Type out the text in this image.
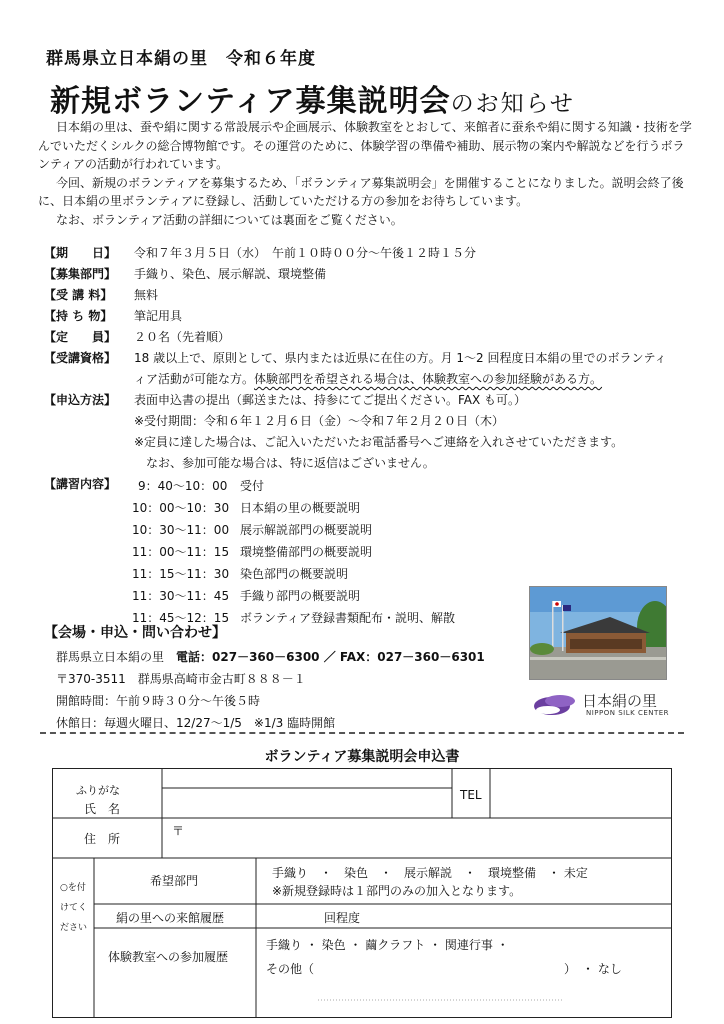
群馬県立日本絹の里　令和６年度
新規ボランティア募集説明会のお知らせ

日本絹の里は、蚕や絹に関する常設展示や企画展示、体験教室をとおして、来館者に蚕糸や絹に関する知識・技術を学んでいただくシルクの総合博物館です。その運営のために、体験学習の準備や補助、展示物の案内や解説などを行うボランティアの活動が行われています。

今回、新規のボランティアを募集するため、「ボランティア募集説明会」を開催することになりました。説明会終了後に、日本絹の里ボランティアに登録し、活動していただける方の参加をお待ちしています。

なお、ボランティア活動の詳細については裏面をご覧ください。

【期　　日】 令和７年３月５日（水）　午前１０時００分～午後１２時１５分
【募集部門】 手織り、染色、展示解説、環境整備
【受 講 料】 無料
【持 ち 物】 筆記用具
【定　　員】 ２０名（先着順）
【受講資格】 18 歳以上で、原則として、県内または近県に在住の方。月 1～2 回程度日本絹の里でのボランティ
ィア活動が可能な方。体験部門を希望される場合は、体験教室への参加経験がある方。
【申込方法】 表面申込書の提出（郵送または、持参にてご提出ください。FAX も可。）
※受付期間：令和６年１２月６日（金）～令和７年２月２０日（木）
※定員に達した場合は、ご記入いただいたお電話番号へご連絡を入れさせていただきます。
なお、参加可能な場合は、特に返信はございません。
【講習内容】	9：40～10：00 受付
10：00～10：30 日本絹の里の概要説明
10：30～11：00 展示解説部門の概要説明
11：00～11：15 環境整備部門の概要説明
11：15～11：30 染色部門の概要説明
11：30～11：45 手織り部門の概要説明
11：45～12：15 ボランティア登録書類配布・説明、解散
【会場・申込・問い合わせ】
群馬県立日本絹の里　 電話：027－360－6300 ／ FAX：027－360－6301
〒370-3511　群馬県高崎市金古町８８８－１
開館時間：午前９時３０分～午後５時
休館日：毎週火曜日、12/27～1/5　※1/3 臨時開館
日本絹の里
NIPPON SILK CENTER
ボランティア募集説明会申込書
ふりがな
氏　名
TEL
住　所
〒
○を付
けてく
ださい
希望部門
手織り　・　染色　・　展示解説　・　環境整備　・ 未定
※新規登録時は１部門のみの加入となります。
絹の里への来館履歴	回程度
体験教室への参加履歴
手織り ・ 染色 ・ 繭クラフト ・ 関連行事 ・
その他（	）　・ なし
